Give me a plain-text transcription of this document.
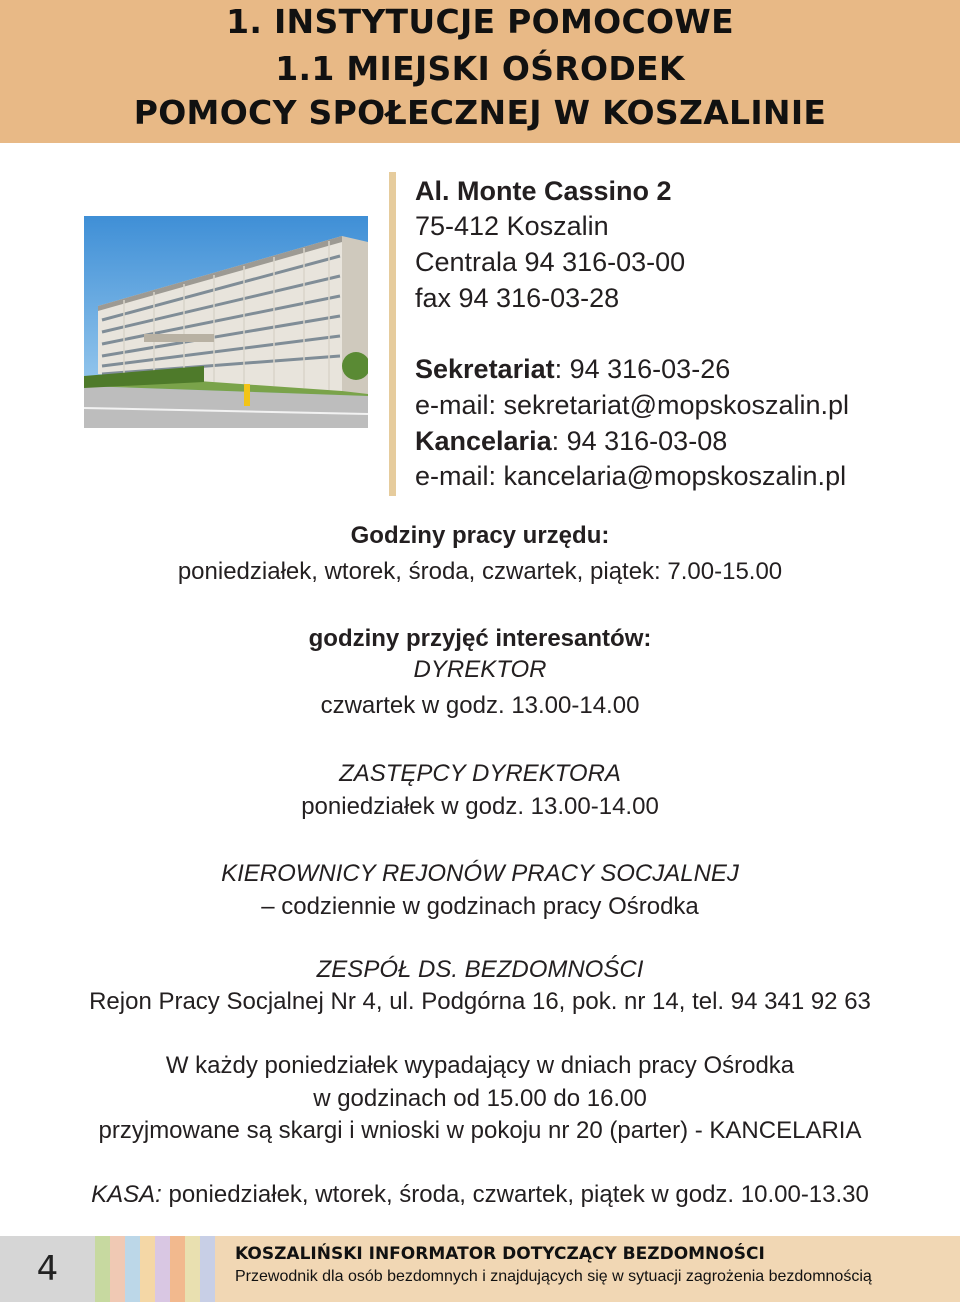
1. INSTYTUCJE POMOCOWE
1.1 MIEJSKI OŚRODEK
POMOCY SPOŁECZNEJ W KOSZALINIE
Al. Monte Cassino 2
75-412 Koszalin
Centrala 94 316-03-00
fax 94 316-03-28
Sekretariat: 94 316-03-26
e-mail: sekretariat@mopskoszalin.pl
Kancelaria: 94 316-03-08
e-mail: kancelaria@mopskoszalin.pl
Godziny pracy urzędu:
poniedziałek, wtorek, środa, czwartek, piątek: 7.00-15.00
godziny przyjęć interesantów:
DYREKTOR
czwartek w godz. 13.00-14.00
ZASTĘPCY DYREKTORA
poniedziałek w godz. 13.00-14.00
KIEROWNICY REJONÓW PRACY SOCJALNEJ
– codziennie w godzinach pracy Ośrodka
ZESPÓŁ DS. BEZDOMNOŚCI
Rejon Pracy Socjalnej Nr 4, ul. Podgórna 16, pok. nr 14, tel. 94 341 92 63
W każdy poniedziałek wypadający w dniach pracy Ośrodka
w godzinach od 15.00 do 16.00
przyjmowane są skargi i wnioski w pokoju nr 20 (parter) - KANCELARIA
KASA: poniedziałek, wtorek, środa, czwartek, piątek w godz. 10.00-13.30
4	KOSZALIŃSKI INFORMATOR DOTYCZĄCY BEZDOMNOŚCI
Przewodnik dla osób bezdomnych i znajdujących się w sytuacji zagrożenia bezdomnością
